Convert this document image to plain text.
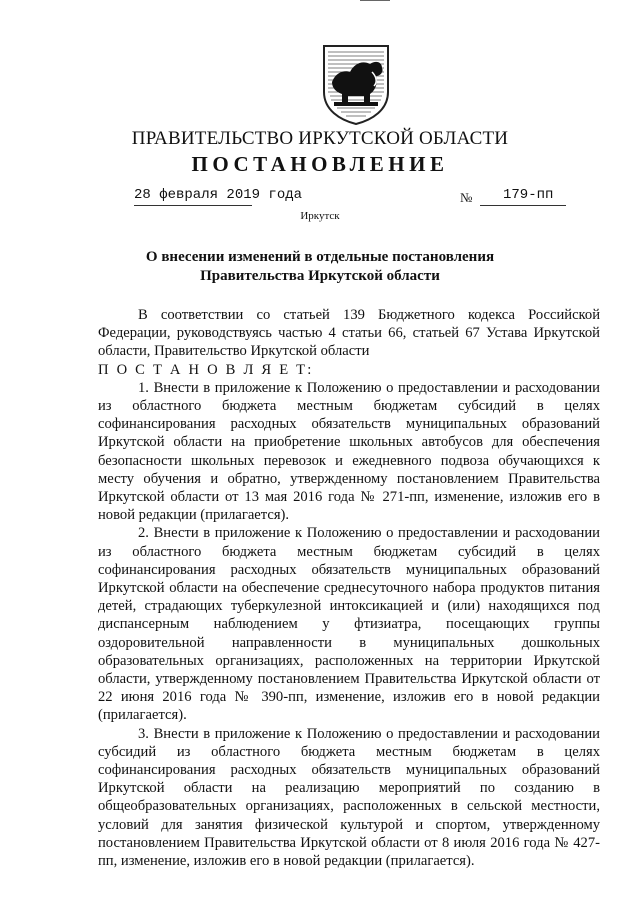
ПРАВИТЕЛЬСТВО ИРКУТСКОЙ ОБЛАСТИ
ПОСТАНОВЛЕНИЕ
28 февраля 2019 года	№ 179-пп
Иркутск
О внесении изменений в отдельные постановления
Правительства Иркутской области

В соответствии со статьей 139 Бюджетного кодекса Российской Федерации, руководствуясь частью 4 статьи 66, статьей 67 Устава Иркутской области, Правительство Иркутской области

П О С Т А Н О В Л Я Е Т:

1. Внести в приложение к Положению о предоставлении и расходовании из областного бюджета местным бюджетам субсидий в целях софинансирования расходных обязательств муниципальных образований Иркутской области на приобретение школьных автобусов для обеспечения безопасности школьных перевозок и ежедневного подвоза обучающихся к месту обучения и обратно, утвержденному постановлением Правительства Иркутской области от 13 мая 2016 года № 271-пп, изменение, изложив его в новой редакции (прилагается).

2. Внести в приложение к Положению о предоставлении и расходовании из областного бюджета местным бюджетам субсидий в целях софинансирования расходных обязательств муниципальных образований Иркутской области на обеспечение среднесуточного набора продуктов питания детей, страдающих туберкулезной интоксикацией и (или) находящихся под диспансерным наблюдением у фтизиатра, посещающих группы оздоровительной направленности в муниципальных дошкольных образовательных организациях, расположенных на территории Иркутской области, утвержденному постановлением Правительства Иркутской области от 22 июня 2016 года № 390-пп, изменение, изложив его в новой редакции (прилагается).

3. Внести в приложение к Положению о предоставлении и расходовании субсидий из областного бюджета местным бюджетам в целях софинансирования расходных обязательств муниципальных образований Иркутской области на реализацию мероприятий по созданию в общеобразовательных организациях, расположенных в сельской местности, условий для занятия физической культурой и спортом, утвержденному постановлением Правительства Иркутской области от 8 июля 2016 года № 427-пп, изменение, изложив его в новой редакции (прилагается).
